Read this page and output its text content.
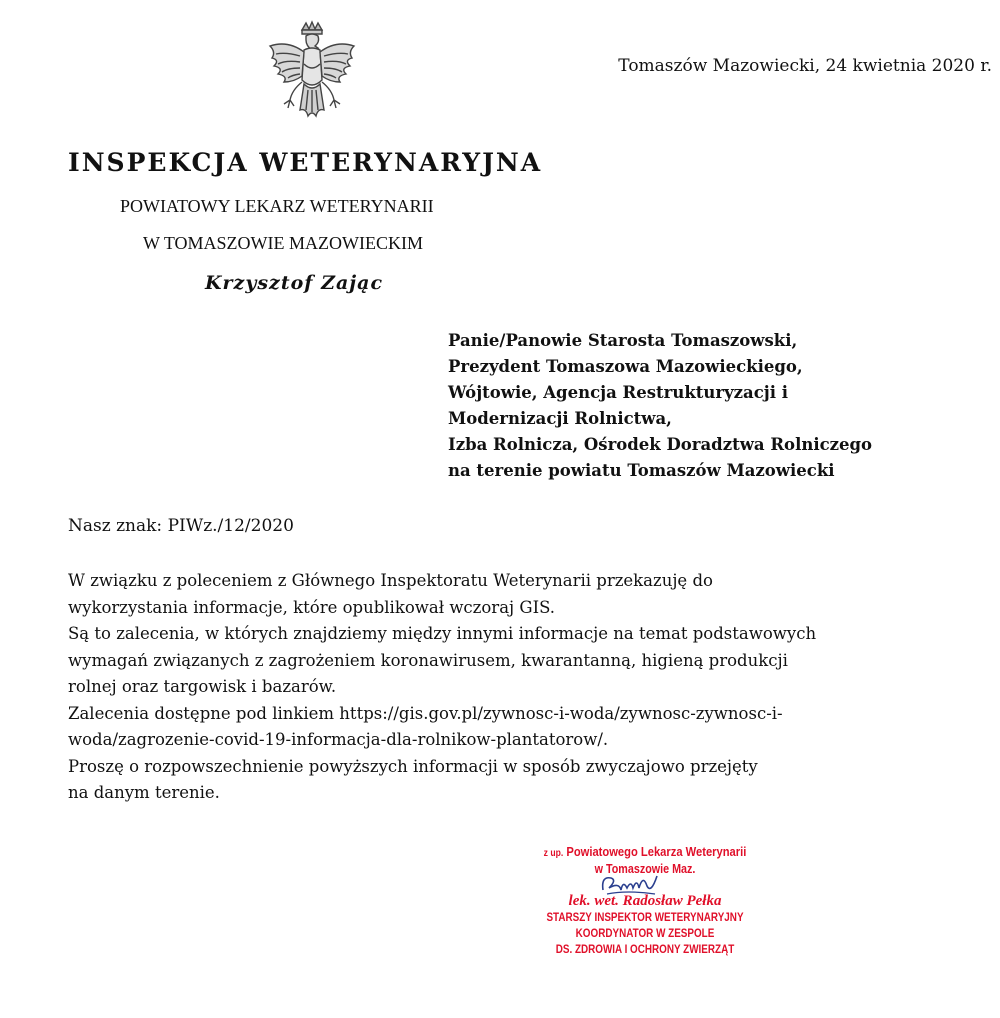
Tomaszów Mazowiecki, 24 kwietnia 2020 r.
INSPEKCJA WETERYNARYJNA
POWIATOWY LEKARZ WETERYNARII
W TOMASZOWIE MAZOWIECKIM
Krzysztof Zając
Panie/Panowie Starosta Tomaszowski,
Prezydent Tomaszowa Mazowieckiego,
Wójtowie, Agencja Restrukturyzacji i
Modernizacji Rolnictwa,
Izba Rolnicza, Ośrodek Doradztwa Rolniczego
na terenie powiatu Tomaszów Mazowiecki
Nasz znak: PIWz./12/2020
W związku z poleceniem z Głównego Inspektoratu Weterynarii przekazuję do
wykorzystania informacje, które opublikował wczoraj GIS.
Są to zalecenia, w których znajdziemy między innymi informacje na temat podstawowych
wymagań związanych z zagrożeniem koronawirusem, kwarantanną, higieną produkcji
rolnej oraz targowisk i bazarów.
Zalecenia dostępne pod linkiem https://gis.gov.pl/zywnosc-i-woda/zywnosc-zywnosc-i-
woda/zagrozenie-covid-19-informacja-dla-rolnikow-plantatorow/.
Proszę o rozpowszechnienie powyższych informacji w sposób zwyczajowo przejęty
na danym terenie.
z up. Powiatowego Lekarza Weterynarii
w Tomaszowie Maz.
lek. wet. Radosław Pełka
STARSZY INSPEKTOR WETERYNARYJNY
KOORDYNATOR W ZESPOLE
DS. ZDROWIA I OCHRONY ZWIERZĄT
